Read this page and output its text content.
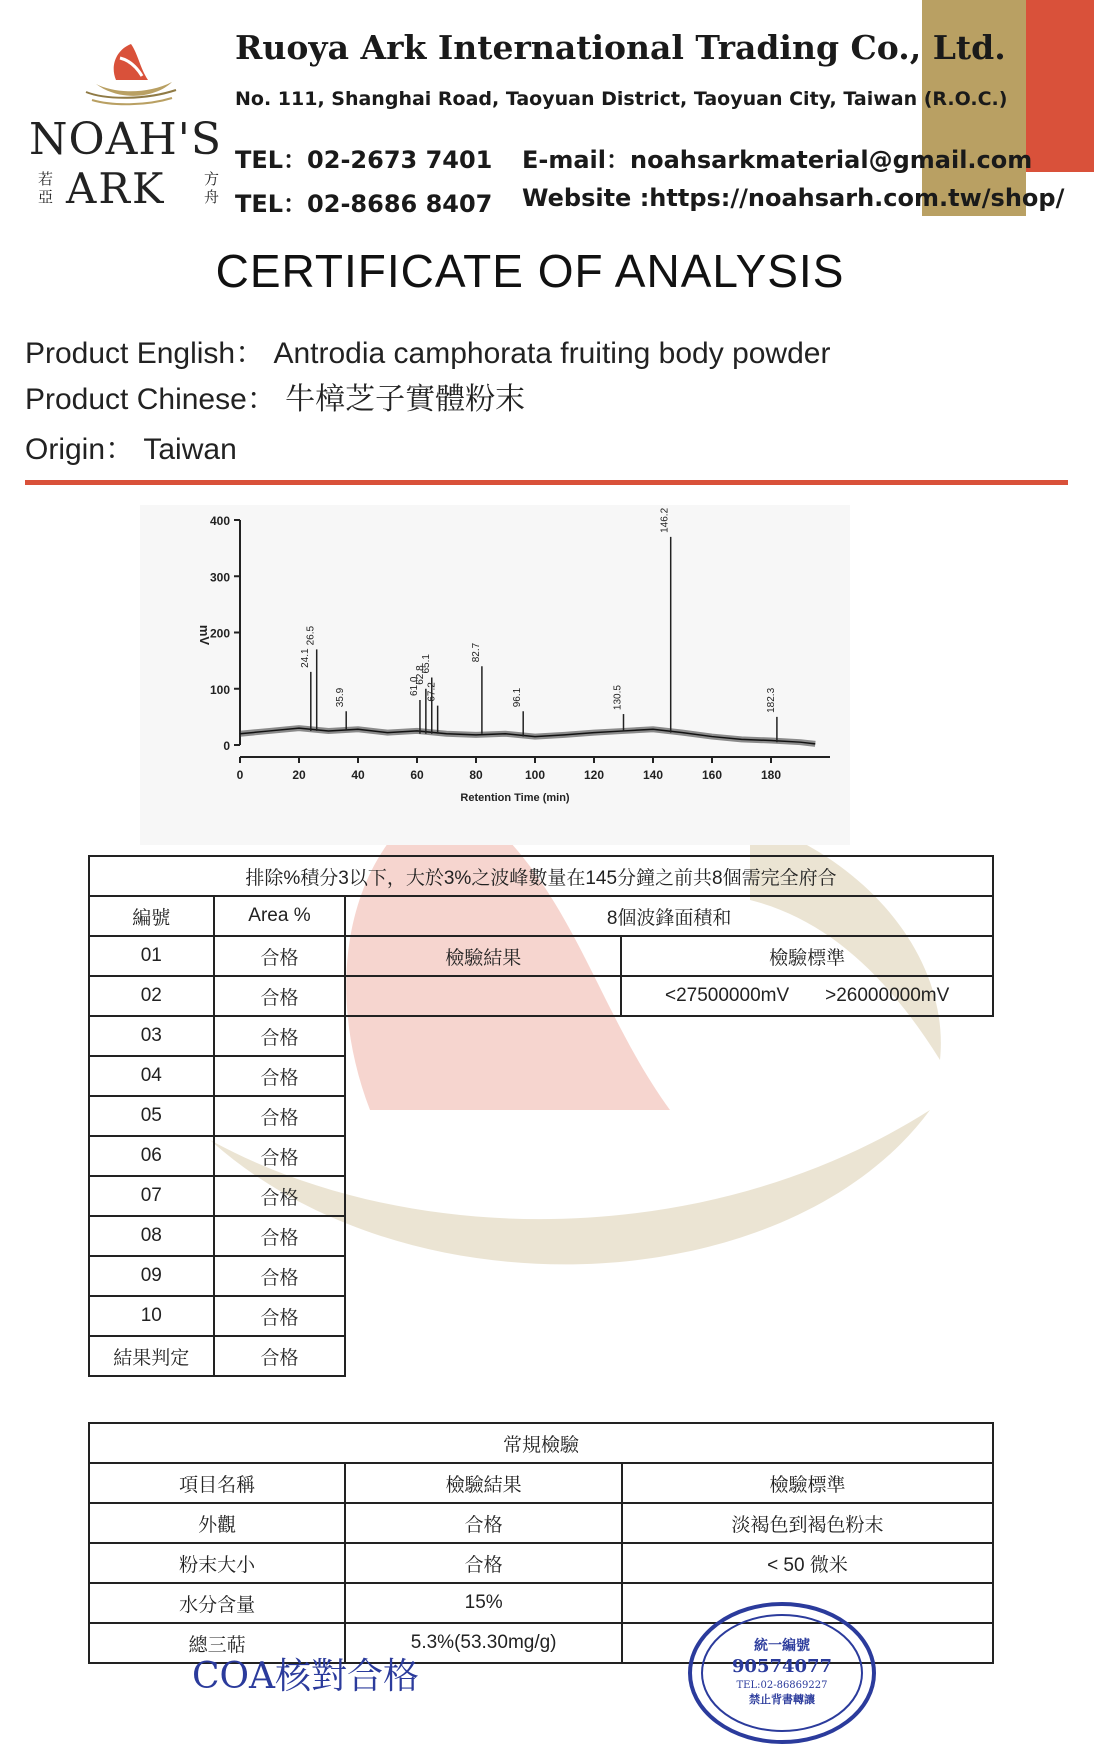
NOAH'S
若亞 ARK	方舟
Ruoya Ark International Trading Co., Ltd.
No. 111, Shanghai Road, Taoyuan District, Taoyuan City, Taiwan (R.O.C.)
TEL：02-2673 7401
TEL：02-8686 8407
E-mail：noahsarkmaterial@gmail.com
Website :https://noahsarh.com.tw/shop/
CERTIFICATE OF ANALYSIS
Product English： Antrodia camphorata fruiting body powder
Product Chinese： 牛樟芝子實體粉末
Origin： Taiwan
0
100
200
300
400
0	20	40	60	80	100	120	140	160	180
mV
Retention Time (min)
24.1
26.5
35.9
61.0
62.8
65.1
67.2
82.7
96.1	130.5
146.2
182.3
排除%積分3以下，大於3%之波峰數量在145分鐘之前共8個需完全府合			
編號	Area %	8個波鋒面積和	
01	合格	檢驗結果	檢驗標準
02	合格		<27500000mV >26000000mV
03	合格		
04	合格		
05	合格		
06	合格		
07	合格		
08	合格		
09	合格		
10	合格		
結果判定	合格		
常規檢驗		
項目名稱	檢驗結果	檢驗標準
外觀	合格	淡褐色到褐色粉末
粉末大小	合格	< 50 微米
水分含量	15%	
總三萜	5.3%(53.30mg/g)	
COA核對合格
統一編號
90574077
TEL:02-86869227
禁止背書轉讓
